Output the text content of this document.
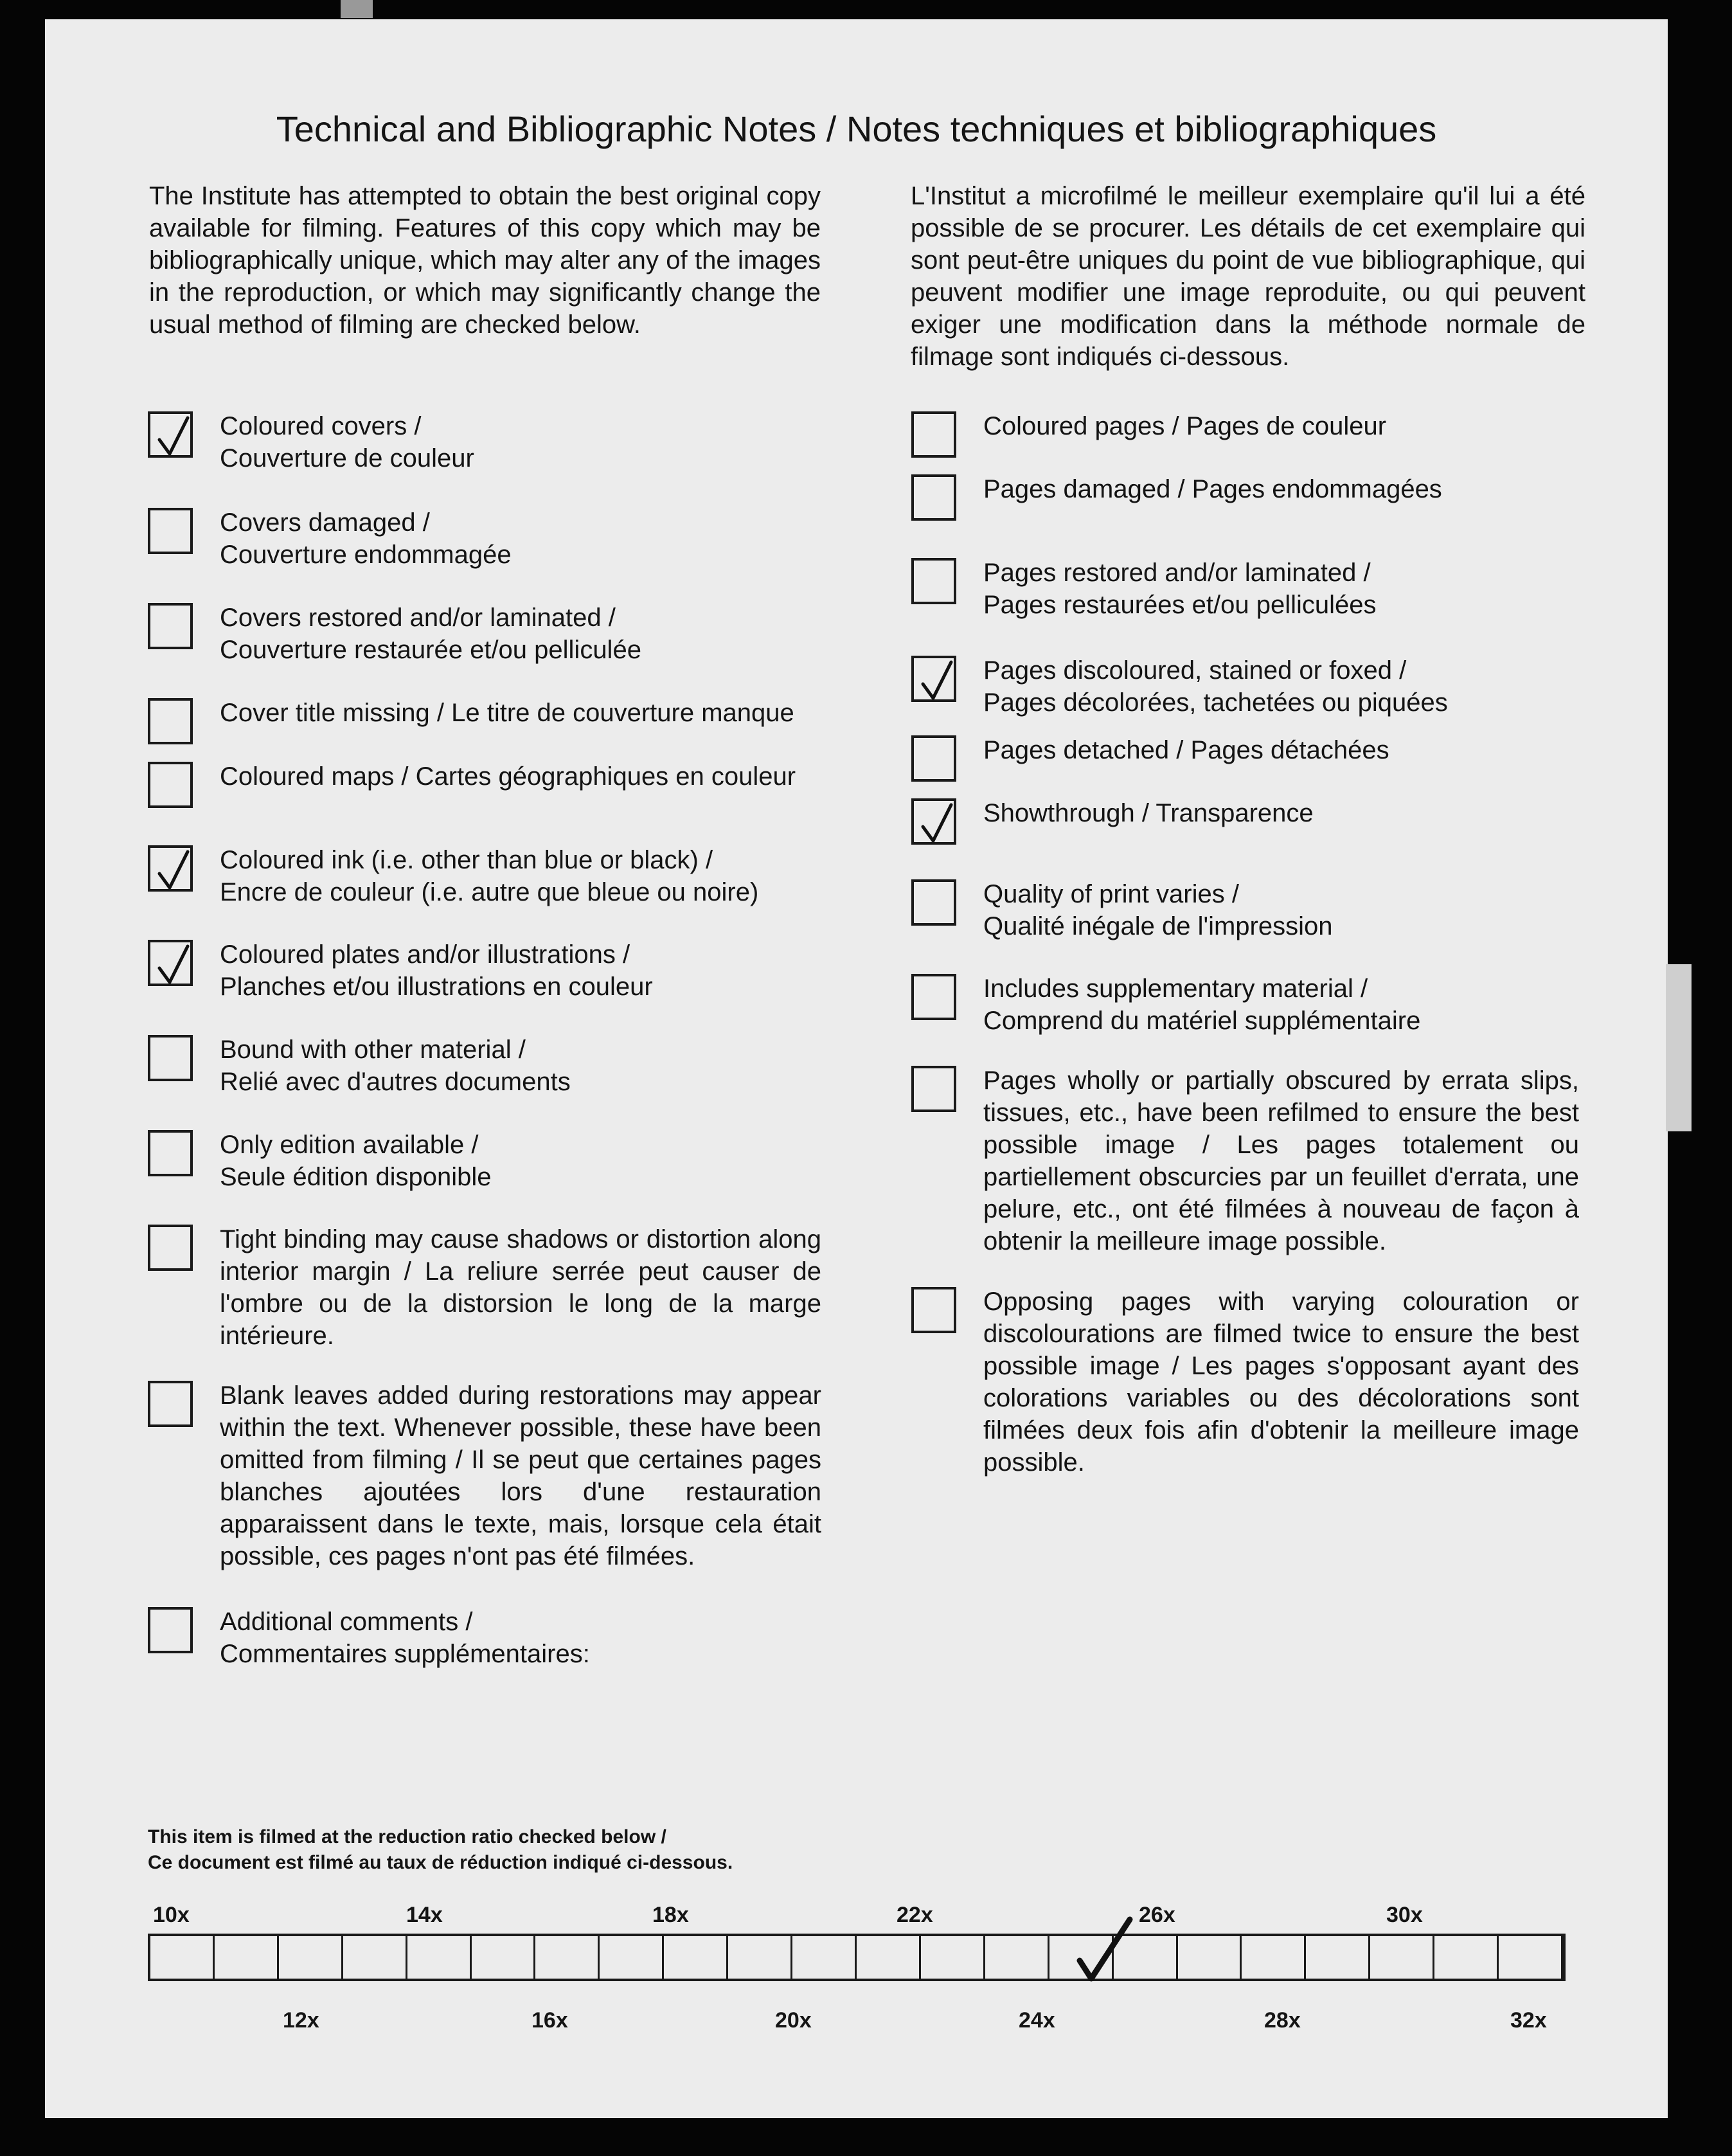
Technical and Bibliographic Notes / Notes techniques et bibliographiques
The Institute has attempted to obtain the best original copy available for filming. Features of this copy which may be bibliographically unique, which may alter any of the images in the reproduction, or which may significantly change the usual method of filming are checked below.
L'Institut a microfilmé le meilleur exemplaire qu'il lui a été possible de se procurer. Les détails de cet exemplaire qui sont peut-être uniques du point de vue bibliographique, qui peuvent modifier une image reproduite, ou qui peuvent exiger une modification dans la méthode normale de filmage sont indiqués ci-dessous.
Coloured covers /
Couverture de couleur
Covers damaged /
Couverture endommagée
Covers restored and/or laminated /
Couverture restaurée et/ou pelliculée
Cover title missing / Le titre de couverture manque
Coloured maps / Cartes géographiques en couleur
Coloured ink (i.e. other than blue or black) /
Encre de couleur (i.e. autre que bleue ou noire)
Coloured plates and/or illustrations /
Planches et/ou illustrations en couleur
Bound with other material /
Relié avec d'autres documents
Only edition available /
Seule édition disponible
Tight binding may cause shadows or distortion along interior margin / La reliure serrée peut causer de l'ombre ou de la distorsion le long de la marge intérieure.
Blank leaves added during restorations may appear within the text. Whenever possible, these have been omitted from filming / Il se peut que certaines pages blanches ajoutées lors d'une restauration apparaissent dans le texte, mais, lorsque cela était possible, ces pages n'ont pas été filmées.
Additional comments /
Commentaires supplémentaires:
Coloured pages / Pages de couleur
Pages damaged / Pages endommagées
Pages restored and/or laminated /
Pages restaurées et/ou pelliculées
Pages discoloured, stained or foxed /
Pages décolorées, tachetées ou piquées
Pages detached / Pages détachées
Showthrough / Transparence
Quality of print varies /
Qualité inégale de l'impression
Includes supplementary material /
Comprend du matériel supplémentaire
Pages wholly or partially obscured by errata slips, tissues, etc., have been refilmed to ensure the best possible image / Les pages totalement ou partiellement obscurcies par un feuillet d'errata, une pelure, etc., ont été filmées à nouveau de façon à obtenir la meilleure image possible.
Opposing pages with varying colouration or discolourations are filmed twice to ensure the best possible image / Les pages s'opposant ayant des colorations variables ou des décolorations sont filmées deux fois afin d'obtenir la meilleure image possible.
This item is filmed at the reduction ratio checked below /
Ce document est filmé au taux de réduction indiqué ci-dessous.
10x	14x	18x	22x	26x	30x
12x	16x	20x	24x	28x	32x
